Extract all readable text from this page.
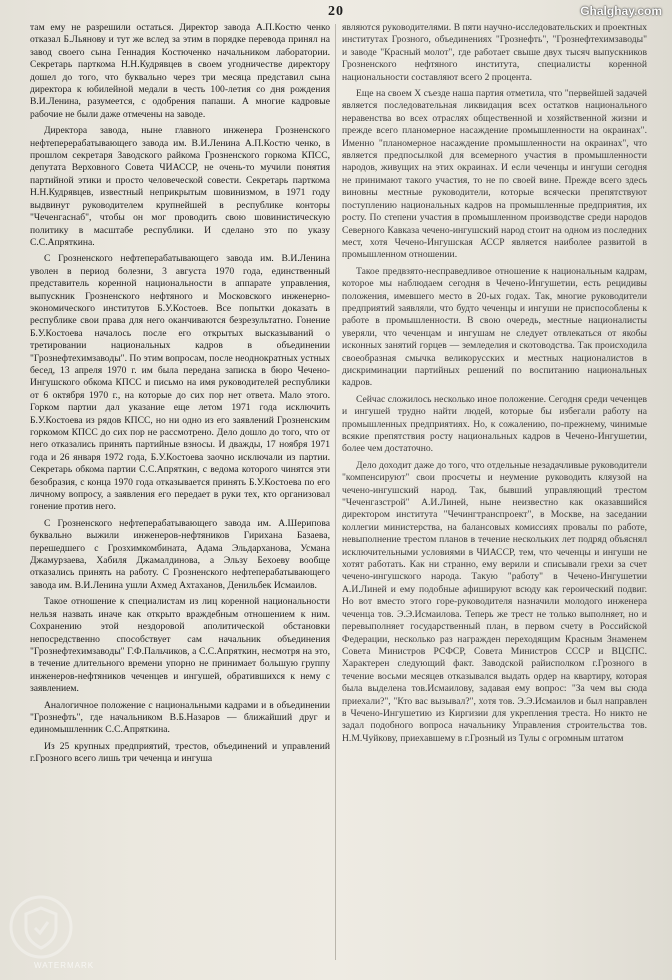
20	Ghalghay.com

там ему не разрешили остаться. Директор завода А.П.Костю ченко отказал Б.Льянову и тут же вслед за этим в порядке перевода принял на завод своего сына Геннадия Костюченко начальником лаборатории. Секретарь парткома Н.Н.Кудрявцев в своем угодничестве директору дошел до того, что буквально через три месяца представил сына директора к юбилейной медали в честь 100-летия со дня рождения В.И.Ленина, разумеется, с одобрения папаши. А многие кадровые рабочие не были даже отмечены на заводе.

Директора завода, ныне главного инженера Грозненского нефтеперерабатывающего завода им. В.И.Ленина А.П.Костю ченко, в прошлом секретаря Заводского райкома Грозненского горкома КПСС, депутата Верховного Совета ЧИАССР, не очень-то мучили понятия партийной этики и просто человеческой совести. Секретарь парткома Н.Н.Кудрявцев, известный неприкрытым шовинизмом, в 1971 году выдвинут руководителем крупнейшей в республике конторы "Чеченгаснаб", чтобы он мог проводить свою шовинистическую политику в масштабе республики. И сделано это по указу С.С.Апряткина.

С Грозненского нефтеперабатывающего завода им. В.И.Ленина уволен в период болезни, 3 августа 1970 года, единственный представитель коренной национальности в аппарате управления, выпускник Грозненского нефтяного и Московского инженерно-экономического институтов Б.У.Костоев. Все попытки доказать в республике свои права для него оканчиваются безрезультатно. Гонение Б.У.Костоева началось после его открытых высказываний о третировании национальных кадров в объединении "Грознефтехимзаводы". По этим вопросам, после неоднократных устных бесед, 13 апреля 1970 г. им была передана записка в бюро Чечено-Ингушского обкома КПСС и письмо на имя руководителей республики от 6 октября 1970 г., на которые до сих пор нет ответа. Мало этого. Горком партии дал указание еще летом 1971 года исключить Б.У.Костоева из рядов КПСС, но ни одно из его заявлений Грозненским горкомом КПСС до сих пор не рассмотрено. Дело дошло до того, что от него отказались принять партийные взносы. И дважды, 17 ноября 1971 года и 26 января 1972 года, Б.У.Костоева заочно исключали из партии. Секретарь обкома партии С.С.Апряткин, с ведома которого чинятся эти безобразия, с конца 1970 года отказывается принять Б.У.Костоева по его личному вопросу, а заявления его передает в руки тех, кто организовал гонение против него.

С Грозненского нефтеперабатывающего завода им. А.Шерипова буквально выжили инженеров-нефтяников Гирихана Базаева, перешедшего с Грозхимкомбината, Адама Эльдарханова, Усмана Джамурзаева, Хабиля Джамалдинова, а Эльзу Бехоеву вообще отказались принять на работу. С Грозненского нефтеперабатывающего завода им. В.И.Ленина ушли Ахмед Ахтаханов, Денильбек Исмаилов.

Такое отношение к специалистам из лиц коренной национальности нельзя назвать иначе как открыто враждебным отношением к ним. Сохранению этой нездоровой аполитической обстановки непосредственно способствует сам начальник объединения "Грознефтехимзаводы" Г.Ф.Пальчиков, а С.С.Апряткин, несмотря на это, в течение длительного времени упорно не принимает большую группу инженеров-нефтяников чеченцев и ингушей, обратившихся к нему с заявлением.

Аналогичное положение с национальными кадрами и в объединении "Грознефть", где начальником В.Б.Назаров — ближайший друг и единомышленник С.С.Апряткина.

Из 25 крупных предприятий, трестов, объединений и управлений г.Грозного всего лишь три чеченца и ингуша

являются руководителями. В пяти научно-исследовательских и проектных институтах Грозного, объединениях "Грознефть", "Грознефтехимзаводы" и заводе "Красный молот", где работает свыше двух тысяч выпускников Грозненского нефтяного института, специалисты коренной национальности составляют всего 2 процента.

Еще на своем X съезде наша партия отметила, что "первейшей задачей является последовательная ликвидация всех остатков национального неравенства во всех отраслях общественной и хозяйственной жизни и прежде всего планомерное насаждение промышленности на окраинах". Именно "планомерное насаждение промышленности на окраинах", что является предпосылкой для всемерного участия в промышленности народов, живущих на этих окраинах. И если чеченцы и ингуши сегодня не принимают такого участия, то не по своей вине. Прежде всего здесь виновны местные руководители, которые всячески препятствуют поступлению национальных кадров на промышленные предприятия, их росту. По степени участия в промышленном производстве среди народов Северного Кавказа чечено-ингушский народ стоит на одном из последних мест, хотя Чечено-Ингушская АССР является наиболее развитой в промышленном отношении.

Такое предвзято-несправедливое отношение к национальным кадрам, которое мы наблюдаем сегодня в Чечено-Ингушетии, есть рецидивы положения, имевшего место в 20-ых годах. Так, многие руководители предприятий заявляли, что будто чеченцы и ингуши не приспособлены к работе в промышленности. В свою очередь, местные националисты уверяли, что чеченцам и ингушам не следует отвлекаться от якобы исконных занятий горцев — земледелия и скотоводства. Так происходила своеобразная смычка великорусских и местных националистов в дискриминации партийных решений по воспитанию национальных кадров.

Сейчас сложилось несколько иное положение. Сегодня среди чеченцев и ингушей трудно найти людей, которые бы избегали работу на промышленных предприятиях. Но, к сожалению, по-прежнему, чинимые всякие препятствия росту национальных кадров в Чечено-Ингушетии, более чем достаточно.

Дело доходит даже до того, что отдельные незадачливые руководители "компенсируют" свои просчеты и неумение руководить кляузой на чечено-ингушский народ. Так, бывший управляющий трестом "Чеченгазстрой" А.И.Линей, ныне неизвестно как оказавшийся директором института "Чечингтранспроект", в Москве, на заседании коллегии министерства, на балансовых комиссиях провалы по работе, невыполнение трестом планов в течение нескольких лет подряд объяснял исключительными условиями в ЧИАССР, тем, что чеченцы и ингуши не хотят работать. Как ни странно, ему верили и списывали грехи за счет чечено-ингушского народа. Такую "работу" в Чечено-Ингушетии А.И.Линей и ему подобные афишируют всюду как героический подвиг. Но вот вместо этого горе-руководителя назначили молодого инженера чеченца тов. Э.Э.Исмаилова. Теперь же трест не только выполняет, но и перевыполняет государственный план, в первом счету в Российской Федерации, несколько раз награжден переходящим Красным Знаменем Совета Министров РСФСР, Совета Министров СССР и ВЦСПС. Характерен следующий факт. Заводской райисполком г.Грозного в течение восьми месяцев отказывался выдать ордер на квартиру, которая была выделена тов.Исмаилову, задавая ему вопрос: "За чем вы сюда приехали?", "Кто вас вызывал?", хотя тов. Э.Э.Исмаилов и был направлен в Чечено-Ингушетию из Киргизии для укрепления треста. Но никто не задал подобного вопроса начальнику Управления строительства тов. Н.М.Чуйкову, приехавшему в г.Грозный из Тулы с огромным штатом

WATERMARK
